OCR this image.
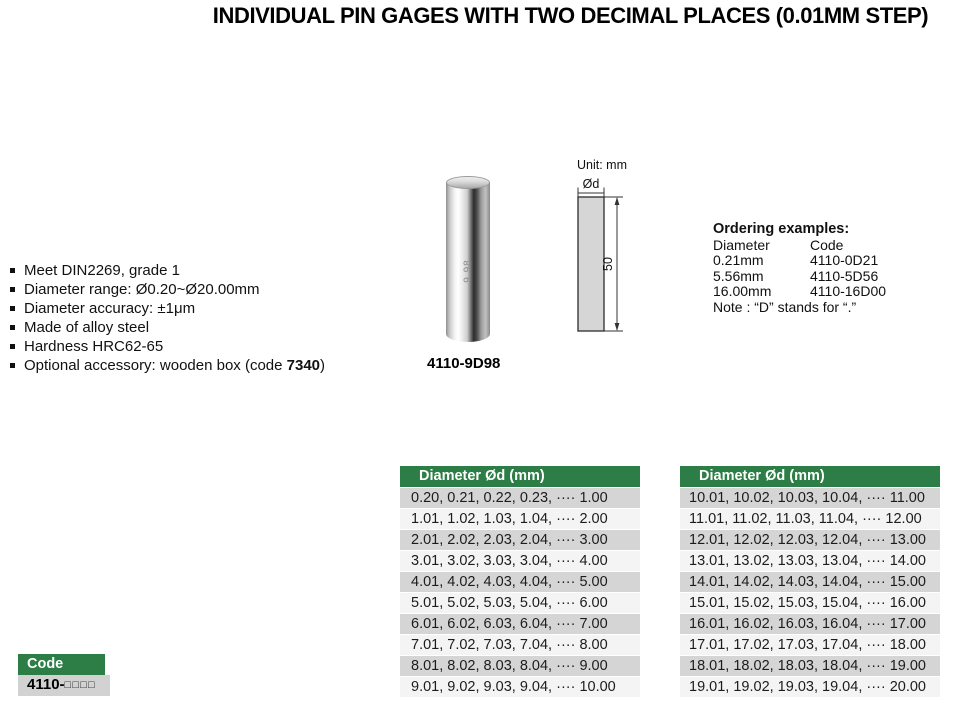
INDIVIDUAL PIN GAGES WITH TWO DECIMAL PLACES (0.01MM STEP)
Meet DIN2269, grade 1
Diameter range: Ø0.20~Ø20.00mm
Diameter accuracy: ±1μm
Made of alloy steel
Hardness HRC62-65
Optional accessory: wooden box (code 7340)
9.98
4110-9D98
Unit: mm
Ød
50
Ordering examples:
Diameter	Code
0.21mm	4110-0D21
5.56mm	4110-5D56
16.00mm	4110-16D00
Note : “D” stands for “.”
Diameter Ød (mm)
0.20, 0.21, 0.22, 0.23, ···· 1.00
1.01, 1.02, 1.03, 1.04, ···· 2.00
2.01, 2.02, 2.03, 2.04, ···· 3.00
3.01, 3.02, 3.03, 3.04, ···· 4.00
4.01, 4.02, 4.03, 4.04, ···· 5.00
5.01, 5.02, 5.03, 5.04, ···· 6.00
6.01, 6.02, 6.03, 6.04, ···· 7.00
7.01, 7.02, 7.03, 7.04, ···· 8.00
8.01, 8.02, 8.03, 8.04, ···· 9.00
9.01, 9.02, 9.03, 9.04, ···· 10.00
Diameter Ød (mm)
10.01, 10.02, 10.03, 10.04, ···· 11.00
11.01, 11.02, 11.03, 11.04, ···· 12.00
12.01, 12.02, 12.03, 12.04, ···· 13.00
13.01, 13.02, 13.03, 13.04, ···· 14.00
14.01, 14.02, 14.03, 14.04, ···· 15.00
15.01, 15.02, 15.03, 15.04, ···· 16.00
16.01, 16.02, 16.03, 16.04, ···· 17.00
17.01, 17.02, 17.03, 17.04, ···· 18.00
18.01, 18.02, 18.03, 18.04, ···· 19.00
19.01, 19.02, 19.03, 19.04, ···· 20.00
Code
4110-□□□□
